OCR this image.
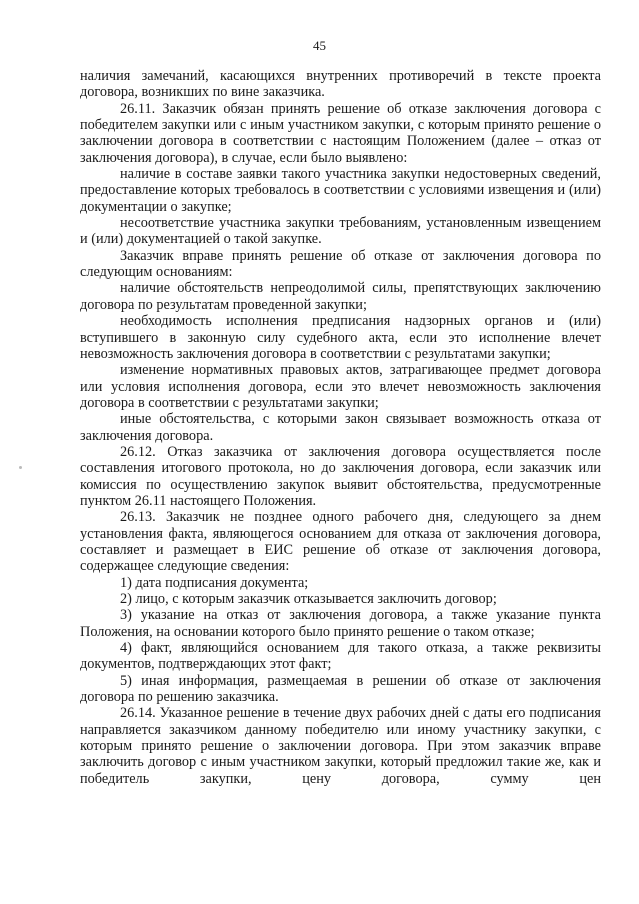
45

наличия замечаний, касающихся внутренних противоречий в тексте проекта договора, возникших по вине заказчика.

26.11. Заказчик обязан принять решение об отказе заключения договора с победителем закупки или с иным участником закупки, с которым принято решение о заключении договора в соответствии с настоящим Положением (далее – отказ от заключения договора), в случае, если было выявлено:

наличие в составе заявки такого участника закупки недостоверных сведений, предоставление которых требовалось в соответствии с условиями извещения и (или) документации о закупке;

несоответствие участника закупки требованиям, установленным извещением и (или) документацией о такой закупке.

Заказчик вправе принять решение об отказе от заключения договора по следующим основаниям:

наличие обстоятельств непреодолимой силы, препятствующих заключению договора по результатам проведенной закупки;

необходимость исполнения предписания надзорных органов и (или) вступившего в законную силу судебного акта, если это исполнение влечет невозможность заключения договора в соответствии с результатами закупки;

изменение нормативных правовых актов, затрагивающее предмет договора или условия исполнения договора, если это влечет невозможность заключения договора в соответствии с результатами закупки;

иные обстоятельства, с которыми закон связывает возможность отказа от заключения договора.

26.12. Отказ заказчика от заключения договора осуществляется после составления итогового протокола, но до заключения договора, если заказчик или комиссия по осуществлению закупок выявит обстоятельства, предусмотренные пунктом 26.11 настоящего Положения.

26.13. Заказчик не позднее одного рабочего дня, следующего за днем установления факта, являющегося основанием для отказа от заключения договора, составляет и размещает в ЕИС решение об отказе от заключения договора, содержащее следующие сведения:

1) дата подписания документа;

2) лицо, с которым заказчик отказывается заключить договор;

3) указание на отказ от заключения договора, а также указание пункта Положения, на основании которого было принято решение о таком отказе;

4) факт, являющийся основанием для такого отказа, а также реквизиты документов, подтверждающих этот факт;

5) иная информация, размещаемая в решении об отказе от заключения договора по решению заказчика.

26.14. Указанное решение в течение двух рабочих дней с даты его подписания направляется заказчиком данному победителю или иному участнику закупки, с которым принято решение о заключении договора. При этом заказчик вправе заключить договор с иным участником закупки, который предложил такие же, как и победитель закупки, цену договора, сумму цен
